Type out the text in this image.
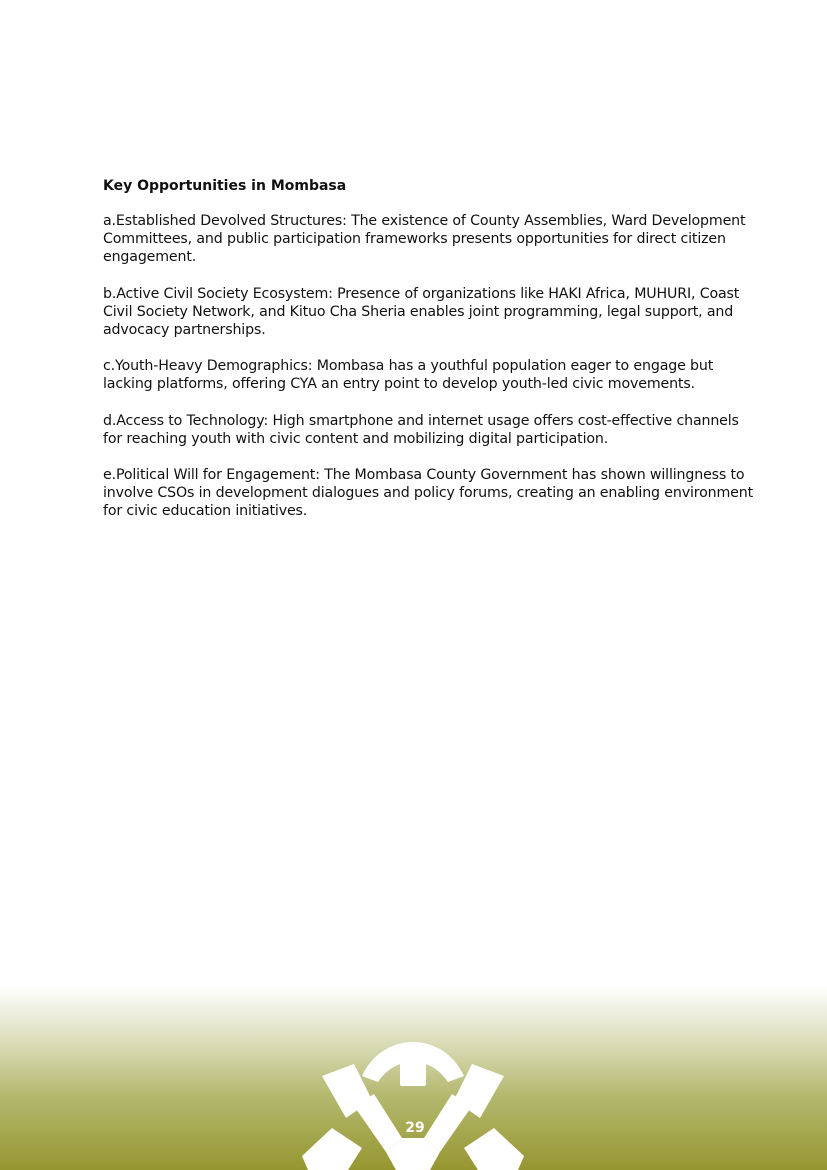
Key Opportunities in Mombasa

a.Established Devolved Structures: The existence of County Assemblies, Ward Development Committees, and public participation frameworks presents opportunities for direct citizen engagement.

b.Active Civil Society Ecosystem: Presence of organizations like HAKI Africa, MUHURI, Coast Civil Society Network, and Kituo Cha Sheria enables joint programming, legal support, and advocacy partnerships.

c.Youth-Heavy Demographics: Mombasa has a youthful population eager to engage but lacking platforms, offering CYA an entry point to develop youth-led civic movements.

d.Access to Technology: High smartphone and internet usage offers cost-effective channels for reaching youth with civic content and mobilizing digital participation.

e.Political Will for Engagement: The Mombasa County Government has shown willingness to involve CSOs in development dialogues and policy forums, creating an enabling environment for civic education initiatives.

29
